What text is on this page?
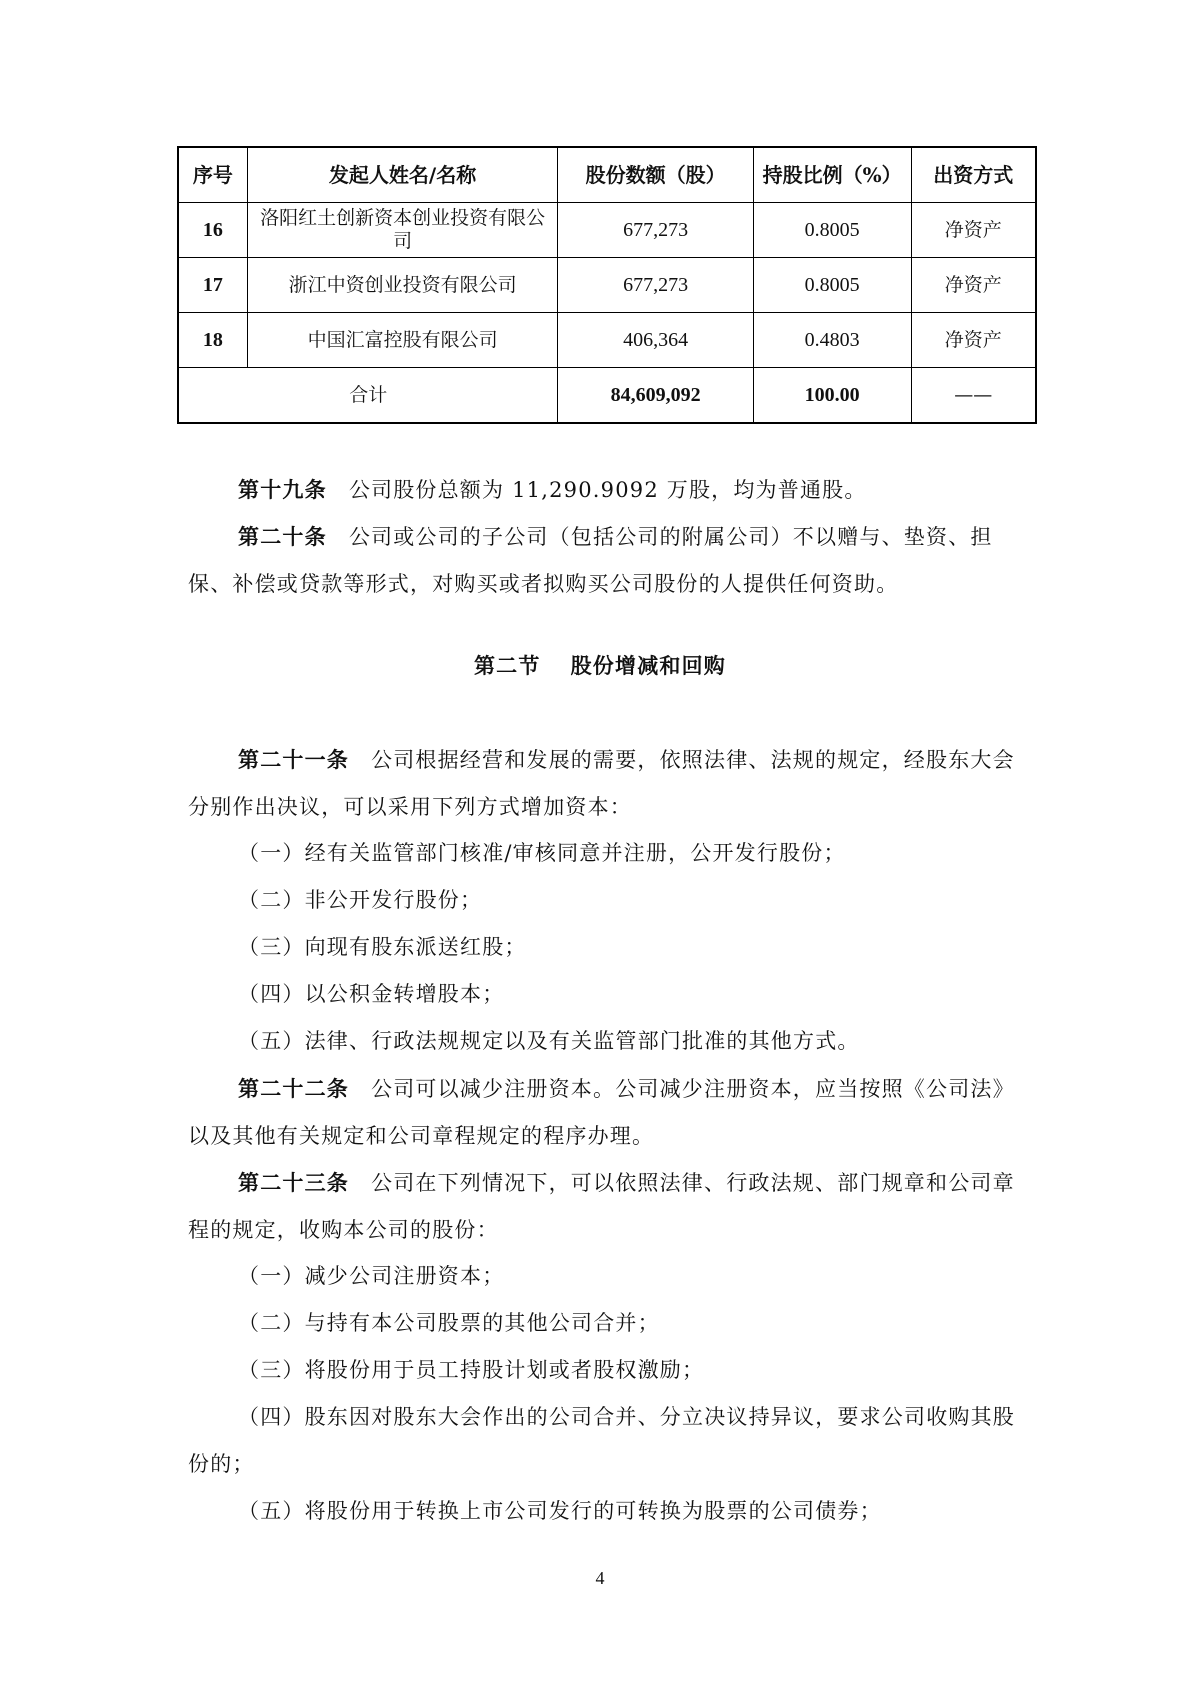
序号	发起人姓名/名称	股份数额（股）	持股比例（%）	出资方式
16	洛阳红土创新资本创业投资有限公司	677,273	0.8005	净资产
17	浙江中资创业投资有限公司	677,273	0.8005	净资产
18	中国汇富控股有限公司	406,364	0.4803	净资产
合计		84,609,092	100.00	——

第十九条 公司股份总额为 11,290.9092 万股，均为普通股。

第二十条 公司或公司的子公司（包括公司的附属公司）不以赠与、垫资、担保、补偿或贷款等形式，对购买或者拟购买公司股份的人提供任何资助。

第二节 股份增减和回购

第二十一条 公司根据经营和发展的需要，依照法律、法规的规定，经股东大会分别作出决议，可以采用下列方式增加资本：

（一）经有关监管部门核准/审核同意并注册，公开发行股份；

（二）非公开发行股份；

（三）向现有股东派送红股；

（四）以公积金转增股本；

（五）法律、行政法规规定以及有关监管部门批准的其他方式。

第二十二条 公司可以减少注册资本。公司减少注册资本，应当按照《公司法》以及其他有关规定和公司章程规定的程序办理。

第二十三条 公司在下列情况下，可以依照法律、行政法规、部门规章和公司章程的规定，收购本公司的股份：

（一）减少公司注册资本；

（二）与持有本公司股票的其他公司合并；

（三）将股份用于员工持股计划或者股权激励；

（四）股东因对股东大会作出的公司合并、分立决议持异议，要求公司收购其股份的；

（五）将股份用于转换上市公司发行的可转换为股票的公司债券；

4
